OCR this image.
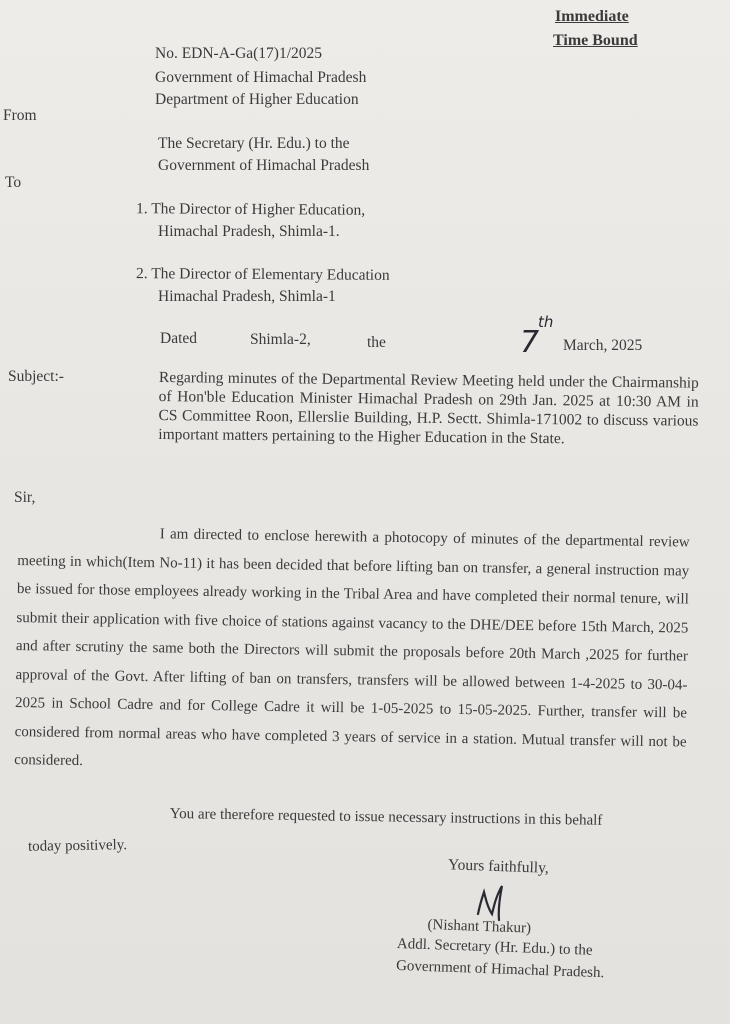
Immediate
Time Bound
No. EDN-A-Ga(17)1/2025
Government of Himachal Pradesh
Department of Higher Education
From
The Secretary (Hr. Edu.) to the
Government of Himachal Pradesh
To
1. The Director of Higher Education,
Himachal Pradesh, Shimla-1.
2. The Director of Elementary Education
Himachal Pradesh, Shimla-1
Dated	Shimla-2,	the	7
th
March, 2025
Subject:-	Regarding minutes of the Departmental Review Meeting held under the Chairmanship of Hon'ble Education Minister Himachal Pradesh on 29th Jan. 2025 at 10:30 AM in CS Committee Roon, Ellerslie Building, H.P. Sectt. Shimla-171002 to discuss various important matters pertaining to the Higher Education in the State.
Sir,
I am directed to enclose herewith a photocopy of minutes of the departmental review meeting in which(Item No-11) it has been decided that before lifting ban on transfer, a general instruction may be issued for those employees already working in the Tribal Area and have completed their normal tenure, will submit their application with five choice of stations against vacancy to the DHE/DEE before 15th March, 2025 and after scrutiny the same both the Directors will submit the proposals before 20th March ,2025 for further approval of the Govt. After lifting of ban on transfers, transfers will be allowed between 1-4-2025 to 30-04-2025 in School Cadre and for College Cadre it will be 1-05-2025 to 15-05-2025. Further, transfer will be considered from normal areas who have completed 3 years of service in a station. Mutual transfer will not be considered.
You are therefore requested to issue necessary instructions in this behalf
today positively.
Yours faithfully,
(Nishant Thakur)
Addl. Secretary (Hr. Edu.) to the
Government of Himachal Pradesh.
